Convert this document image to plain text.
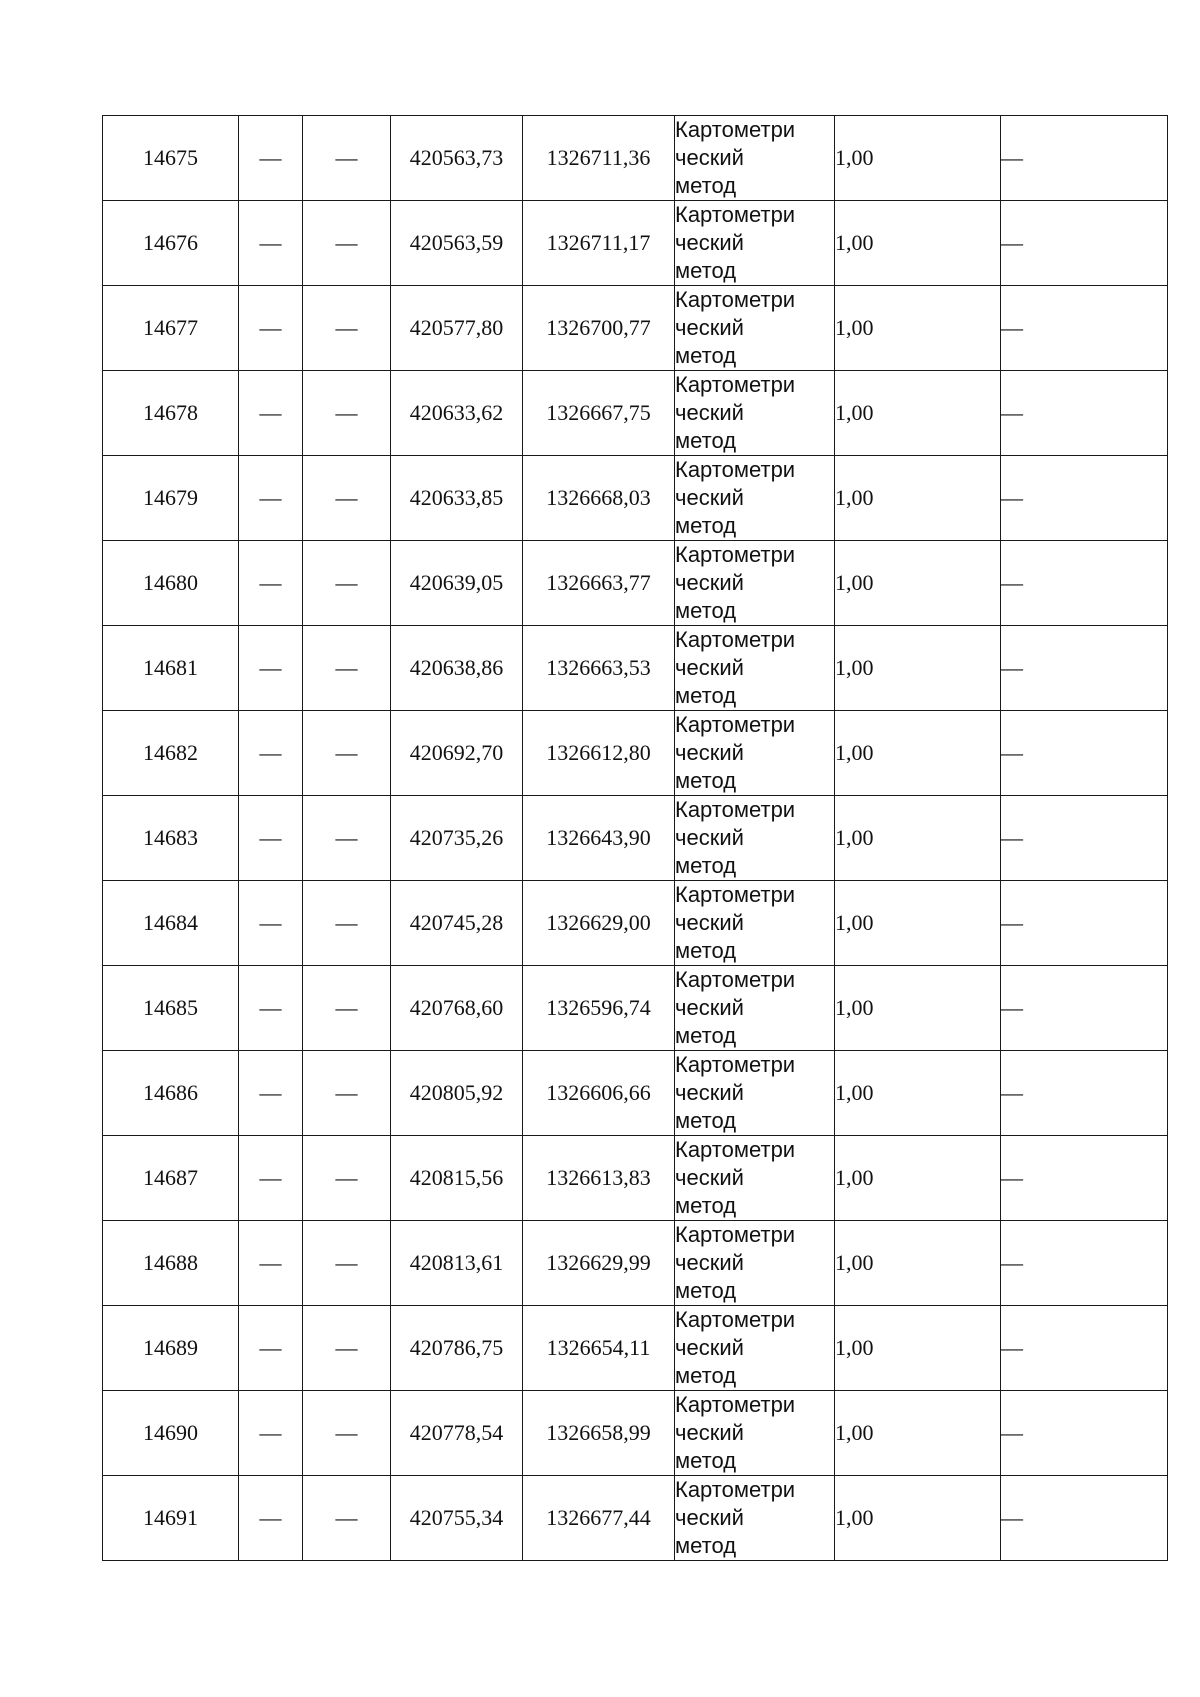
14675	—	—	420563,73	1326711,36	Картометри
ческий
метод	1,00	—
14676	—	—	420563,59	1326711,17	Картометри
ческий
метод	1,00	—
14677	—	—	420577,80	1326700,77	Картометри
ческий
метод	1,00	—
14678	—	—	420633,62	1326667,75	Картометри
ческий
метод	1,00	—
14679	—	—	420633,85	1326668,03	Картометри
ческий
метод	1,00	—
14680	—	—	420639,05	1326663,77	Картометри
ческий
метод	1,00	—
14681	—	—	420638,86	1326663,53	Картометри
ческий
метод	1,00	—
14682	—	—	420692,70	1326612,80	Картометри
ческий
метод	1,00	—
14683	—	—	420735,26	1326643,90	Картометри
ческий
метод	1,00	—
14684	—	—	420745,28	1326629,00	Картометри
ческий
метод	1,00	—
14685	—	—	420768,60	1326596,74	Картометри
ческий
метод	1,00	—
14686	—	—	420805,92	1326606,66	Картометри
ческий
метод	1,00	—
14687	—	—	420815,56	1326613,83	Картометри
ческий
метод	1,00	—
14688	—	—	420813,61	1326629,99	Картометри
ческий
метод	1,00	—
14689	—	—	420786,75	1326654,11	Картометри
ческий
метод	1,00	—
14690	—	—	420778,54	1326658,99	Картометри
ческий
метод	1,00	—
14691	—	—	420755,34	1326677,44	Картометри
ческий
метод	1,00	—
